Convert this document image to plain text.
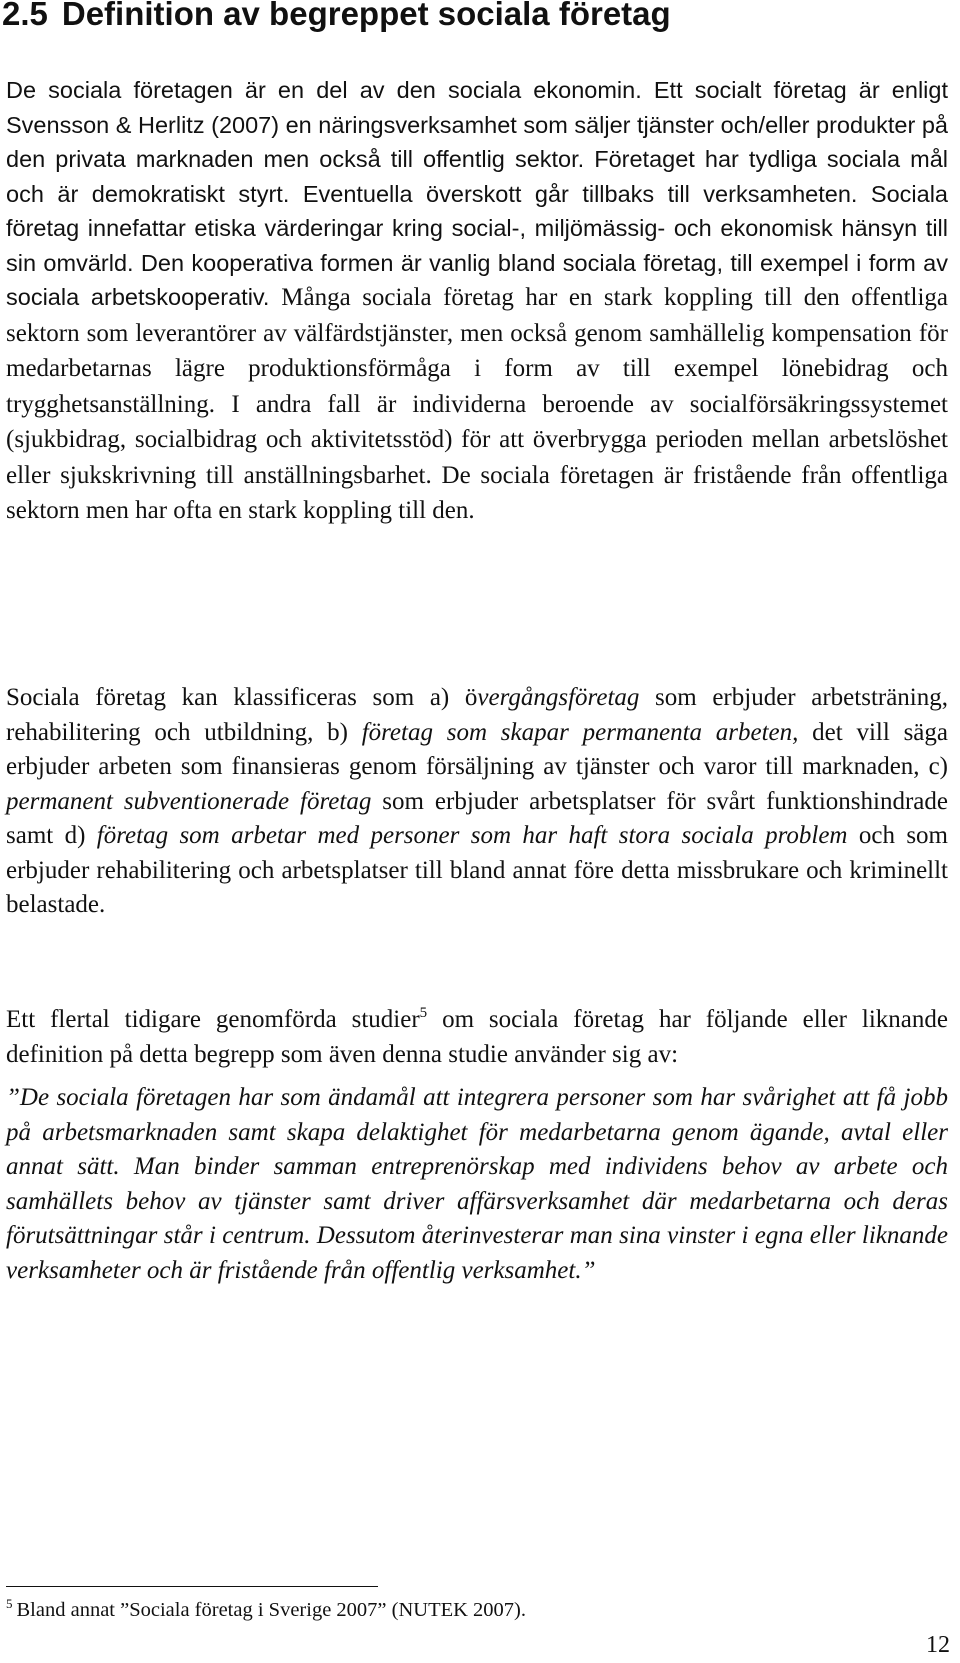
2.5 Definition av begreppet sociala företag

De sociala företagen är en del av den sociala ekonomin. Ett socialt företag är enligt Svensson & Herlitz (2007) en näringsverksamhet som säljer tjänster och/eller produkter på den privata marknaden men också till offentlig sektor. Företaget har tydliga sociala mål och är demokratiskt styrt. Eventuella överskott går tillbaks till verksamheten. Sociala företag innefattar etiska värderingar kring social-, miljömässig- och ekonomisk hänsyn till sin omvärld. Den kooperativa formen är vanlig bland sociala företag, till exempel i form av sociala arbetskooperativ. Många sociala företag har en stark koppling till den offentliga sektorn som leverantörer av välfärdstjänster, men också genom samhällelig kompensation för medarbetarnas lägre produktionsförmåga i form av till exempel lönebidrag och trygghetsanställning. I andra fall är individerna beroende av socialförsäkringssystemet (sjukbidrag, socialbidrag och aktivitetsstöd) för att överbrygga perioden mellan arbetslöshet eller sjukskrivning till anställningsbarhet. De sociala företagen är fristående från offentliga sektorn men har ofta en stark koppling till den.

Sociala företag kan klassificeras som a) övergångsföretag som erbjuder arbetsträning, rehabilitering och utbildning, b) företag som skapar permanenta arbeten, det vill säga erbjuder arbeten som finansieras genom försäljning av tjänster och varor till marknaden, c) permanent subventionerade företag som erbjuder arbetsplatser för svårt funktionshindrade samt d) företag som arbetar med personer som har haft stora sociala problem och som erbjuder rehabilitering och arbetsplatser till bland annat före detta missbrukare och kriminellt belastade.

Ett flertal tidigare genomförda studier$^5$ om sociala företag har följande eller liknande definition på detta begrepp som även denna studie använder sig av:

”De sociala företagen har som ändamål att integrera personer som har svårighet att få jobb på arbetsmarknaden samt skapa delaktighet för medarbetarna genom ägande, avtal eller annat sätt. Man binder samman entreprenörskap med individens behov av arbete och samhällets behov av tjänster samt driver affärsverksamhet där medarbetarna och deras förutsättningar står i centrum. Dessutom återinvesterar man sina vinster i egna eller liknande verksamheter och är fristående från offentlig verksamhet.”

$^5$ Bland annat ”Sociala företag i Sverige 2007” (NUTEK 2007).

12
